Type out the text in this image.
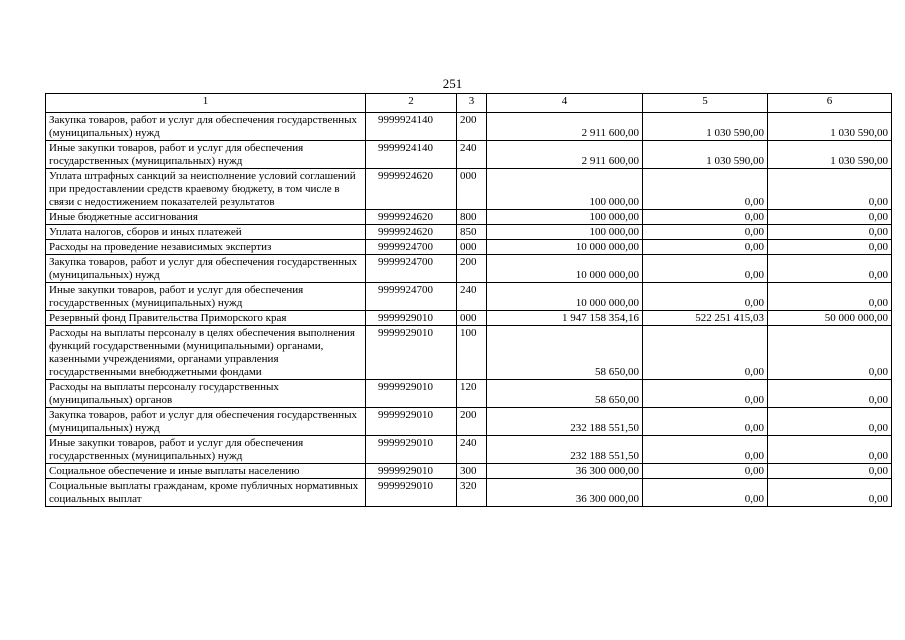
251
1	2	3	4	5	6
Закупка товаров, работ и услуг для обеспечения государственных (муниципальных) нужд	9999924140	200	2 911 600,00	1 030 590,00	1 030 590,00
Иные закупки товаров, работ и услуг для обеспечения государственных (муниципальных) нужд	9999924140	240	2 911 600,00	1 030 590,00	1 030 590,00
Уплата штрафных санкций за неисполнение условий соглашений при предоставлении средств краевому бюджету, в том числе в связи с недостижением показателей результатов	9999924620	000	100 000,00	0,00	0,00
Иные бюджетные ассигнования	9999924620	800	100 000,00	0,00	0,00
Уплата налогов, сборов и иных платежей	9999924620	850	100 000,00	0,00	0,00
Расходы на проведение независимых экспертиз	9999924700	000	10 000 000,00	0,00	0,00
Закупка товаров, работ и услуг для обеспечения государственных (муниципальных) нужд	9999924700	200	10 000 000,00	0,00	0,00
Иные закупки товаров, работ и услуг для обеспечения государственных (муниципальных) нужд	9999924700	240	10 000 000,00	0,00	0,00
Резервный фонд Правительства Приморского края	9999929010	000	1 947 158 354,16	522 251 415,03	50 000 000,00
Расходы на выплаты персоналу в целях обеспечения выполнения функций государственными (муниципальными) органами, казенными учреждениями, органами управления государственными внебюджетными фондами	9999929010	100	58 650,00	0,00	0,00
Расходы на выплаты персоналу государственных (муниципальных) органов	9999929010	120	58 650,00	0,00	0,00
Закупка товаров, работ и услуг для обеспечения государственных (муниципальных) нужд	9999929010	200	232 188 551,50	0,00	0,00
Иные закупки товаров, работ и услуг для обеспечения государственных (муниципальных) нужд	9999929010	240	232 188 551,50	0,00	0,00
Социальное обеспечение и иные выплаты населению	9999929010	300	36 300 000,00	0,00	0,00
Социальные выплаты гражданам, кроме публичных нормативных социальных выплат	9999929010	320	36 300 000,00	0,00	0,00
